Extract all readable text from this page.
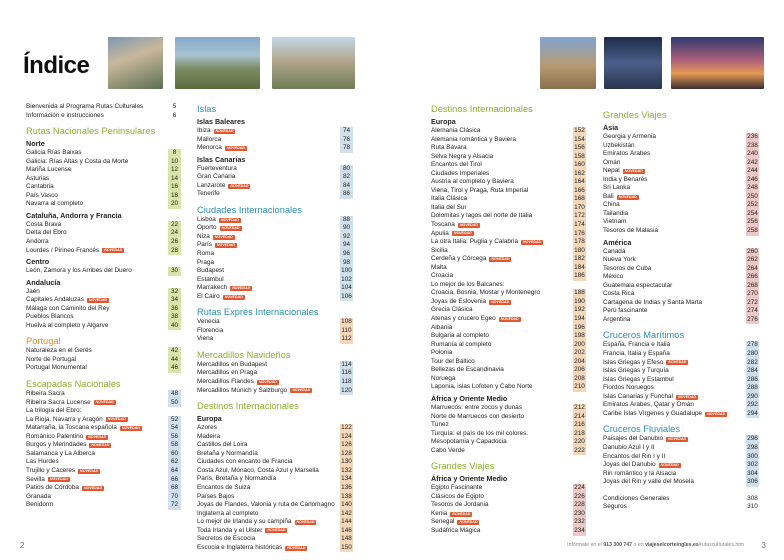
Índice
Bienvenida al Programa Rutas Culturales	5
Información e instrucciones	6
Rutas Nacionales Peninsulares
Norte
Galicia Rías Baixas	8
Galicia: Rías Altas y Costa da Morte	10
Mariña Lucense	12
Asturias	14
Cantabria	16
País Vasco	18
Navarra al completo	20
Cataluña, Andorra y Francia
Costa Brava	22
Delta del Ebro	24
Andorra	26
Lourdes / Pirineo Francés	NOVEDAD	28
Centro
León, Zamora y los Arribes del Duero	30
Andalucía
Jaén	32
Capitales Andaluzas	NOVEDAD	34
Málaga con Caminito del Rey	36
Pueblos Blancos	38
Huelva al completo y Algarve	40
Portugal
Naturaleza en el Gerês	42
Norte de Portugal	44
Portugal Monumental	46
Escapadas Nacionales
Ribeira Sacra	48
Ribeira Sacra Lucense	NOVEDAD	50
La trilogía del Ebro:
La Rioja, Navarra y Aragón	NOVEDAD	52
Matarraña, la Toscana española	NOVEDAD	54
Románico Palentino	NOVEDAD	56
Burgos y Merindades	NOVEDAD	58
Salamanca y La Alberca	60
Las Hurdes	62
Trujillo y Cáceres	NOVEDAD	64
Sevilla	NOVEDAD	66
Patios de Córdoba	NOVEDAD	68
Granada	70
Benidorm	72
Islas
Islas Baleares
Ibiza	NOVEDAD	74
Mallorca	76
Menorca	NOVEDAD	78
Islas Canarias
Fuerteventura	80
Gran Canaria	82
Lanzarote	NOVEDAD	84
Tenerife	86
Ciudades Internacionales
Lisboa	NOVEDAD	88
Oporto	NOVEDAD	90
Niza	NOVEDAD	92
París	NOVEDAD	94
Roma	96
Praga	98
Budapest	100
Estambul	102
Marrakech	NOVEDAD	104
El Cairo	NOVEDAD	106
Rutas Exprés Internacionales
Venecia	108
Florencia	110
Viena	112
Mercadillos Navideños
Mercadillos en Budapest	114
Mercadillos en Praga	116
Mercadillos Flandes	NOVEDAD	118
Mercadillos Múnich y Salzburgo	NOVEDAD	120
Destinos Internacionales
Europa
Azores	122
Madeira	124
Castillos del Loira	126
Bretaña y Normandía	128
Ciudades con encanto de Francia	130
Costa Azul, Mónaco, Costa Azul y Marsella	132
París, Bretaña y Normandía	134
Encantos de Suiza	136
Países Bajos	138
Joyas de Flandes, Valonia y ruta de Carlomagno 140
Inglaterra al completo	142
Lo mejor de Irlanda y su campiña	NOVEDAD	144
Toda Irlanda y el Ulster	NOVEDAD	146
Secretos de Escocia	148
Escocia e Inglaterra históricas	NOVEDAD	150
2
Destinos Internacionales
Europa
Alemania Clásica	152
Alemania romántica y Baviera	154
Ruta Bávara	156
Selva Negra y Alsacia	158
Encantos del Tirol	160
Ciudades Imperiales	162
Austria al completo y Baviera	164
Viena, Tirol y Praga, Ruta Imperial	166
Italia Clásica	168
Italia del Sur	170
Dolomitas y lagos del norte de Italia	172
Toscana	NOVEDAD	174
Apulia	NOVEDAD	176
La otra Italia: Puglia y Calabria	NOVEDAD	178
Sicilia	180
Cerdeña y Córcega	NOVEDAD	182
Malta	184
Croacia	186
Lo mejor de los Balcanes:
Croacia, Bosnia, Mostar y Montenegro	188
Joyas de Eslovenia	NOVEDAD	190
Grecia Clásica	192
Atenas y crucero Egeo	NOVEDAD	194
Albania	196
Bulgaria al completo	198
Rumanía al completo	200
Polonia	202
Tour del Báltico	204
Bellezas de Escandinavia	206
Noruega	208
Laponia, islas Lofoten y Cabo Norte	210
África y Oriente Medio
Marruecos: entre zocos y dunas	212
Norte de Marruecos con desierto	214
Túnez	216
Turquía: el país de los mil colores.	218
Mesopotamia y Capadocia	220
Cabo Verde	222
Grandes Viajes
África y Oriente Medio
Egipto Fascinante	224
Clásicos de Egipto	226
Tesoros de Jordania	228
Kenia	NOVEDAD	230
Senegal	NOVEDAD	232
Sudáfrica Mágica	234
Grandes Viajes
Asia
Georgia y Armenia	236
Uzbekistán	238
Emiratos Árabes	240
Omán	242
Nepal	NOVEDAD	244
India y Benarés	246
Sri Lanka	248
Bali	NOVEDAD	250
China	252
Tailandia	254
Vietnam	256
Tesoros de Malasia	258
América
Canadá	260
Nueva York	262
Tesoros de Cuba	264
México	266
Guatemala espectacular	268
Costa Rica	270
Cartagena de Indias y Santa Marta	272
Perú fascinante	274
Argentina	276
Cruceros Marítimos
España, Francia e Italia	278
Francia, Italia y España	280
Islas Griegas y Éfeso	NOVEDAD	282
Islas Griegas y Turquía	284
Islas Griegas y Estambul	286
Fiordos Noruegos	288
Islas Canarias y Funchal	NOVEDAD	290
Emiratos Árabes, Qatar y Omán	292
Caribe Islas Vírgenes y Guadalupe	NOVEDAD	294
Cruceros Fluviales
Paisajes del Danubio	NOVEDAD	296
Danubio Azul I y II	298
Encantos del Rin I y II	300
Joyas del Danubio	NOVEDAD	302
Rin romántico y la Alsacia	304
Joyas del Rin y valle del Mosela	306
Condiciones Generales	308
Seguros	310
Infórmate en el 913 300 747 o en viajeselcorteingles.es/rutasculturales.htm 3
